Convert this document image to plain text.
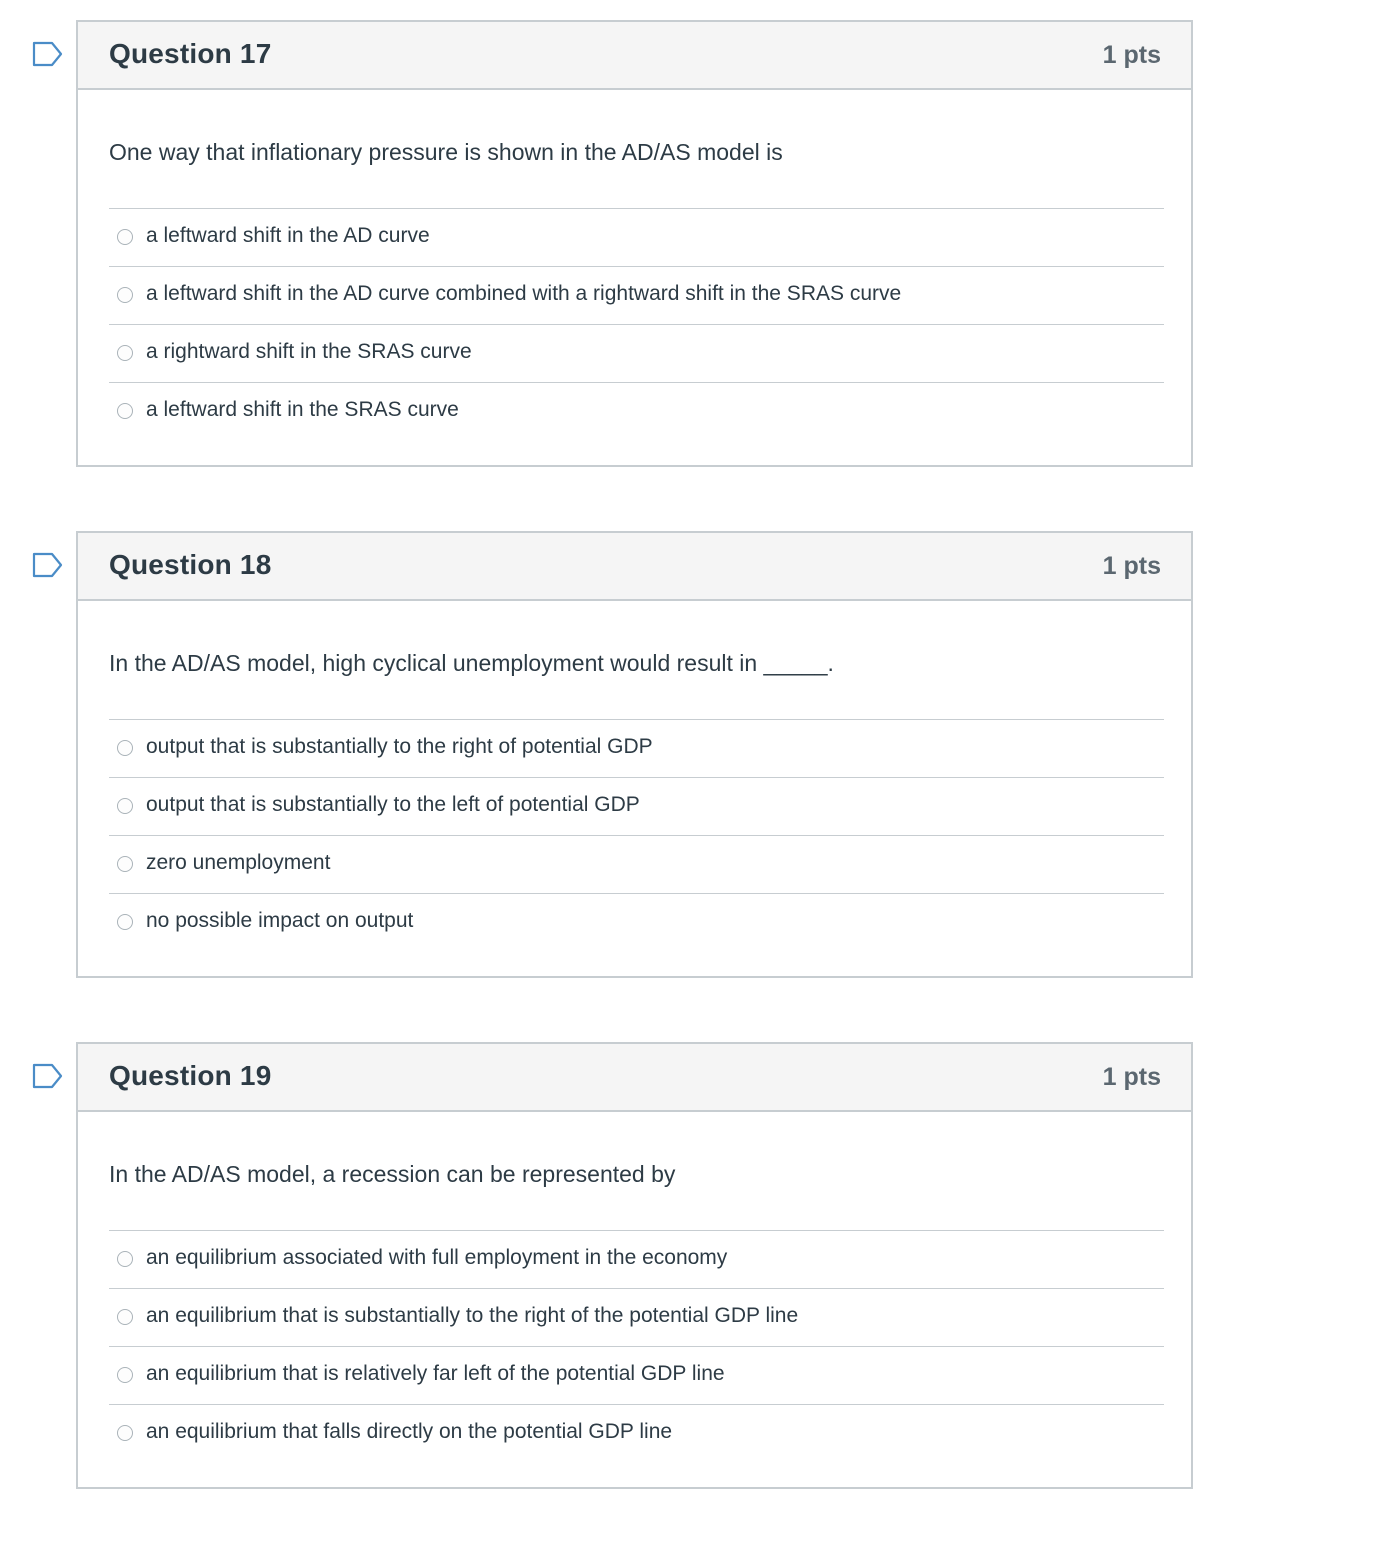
Question 17	1 pts
One way that inflationary pressure is shown in the AD/AS model is
a leftward shift in the AD curve
a leftward shift in the AD curve combined with a rightward shift in the SRAS curve
a rightward shift in the SRAS curve
a leftward shift in the SRAS curve
Question 18	1 pts
In the AD/AS model, high cyclical unemployment would result in _____.
output that is substantially to the right of potential GDP
output that is substantially to the left of potential GDP
zero unemployment
no possible impact on output
Question 19	1 pts
In the AD/AS model, a recession can be represented by
an equilibrium associated with full employment in the economy
an equilibrium that is substantially to the right of the potential GDP line
an equilibrium that is relatively far left of the potential GDP line
an equilibrium that falls directly on the potential GDP line
